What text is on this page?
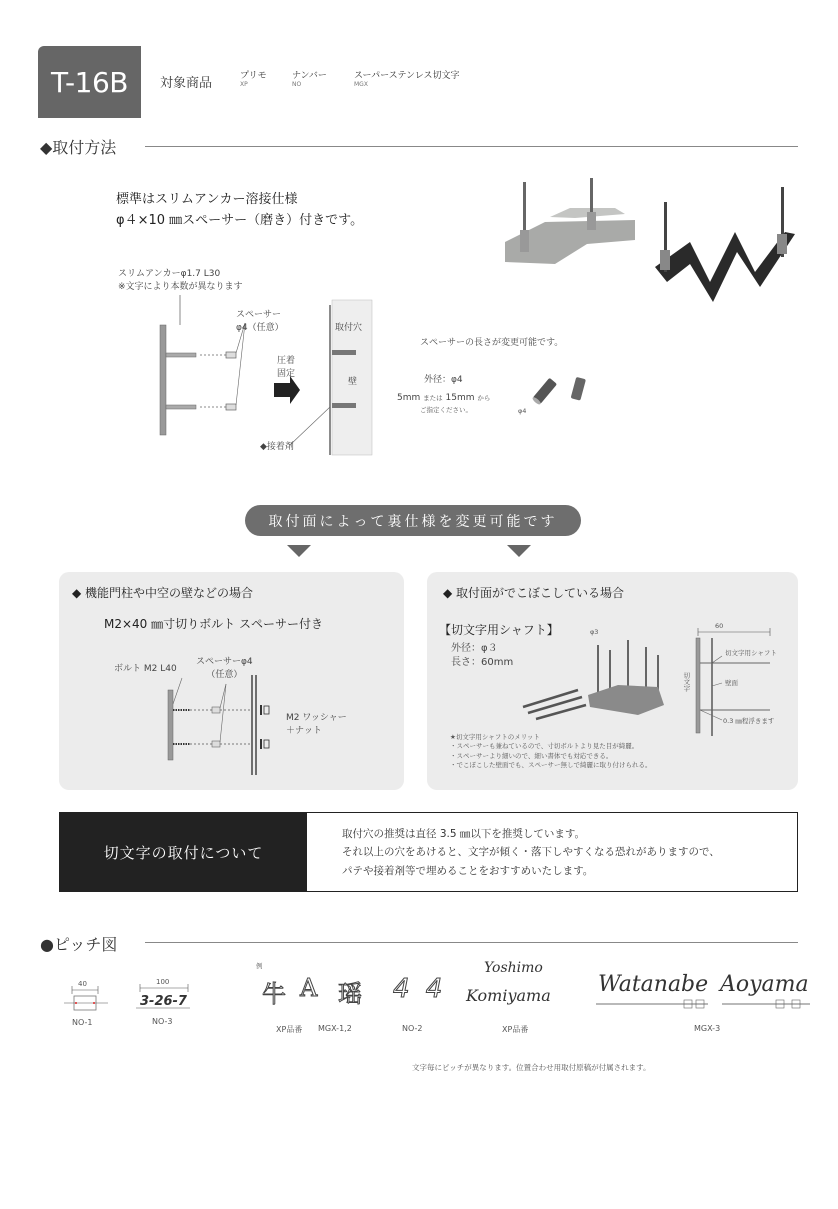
T-16B	対象商品	プリモ
XP
ナンバー
NO
スーパーステンレス切文字
MGX
◆取付方法
標準はスリムアンカー溶接仕様
φ４×10 ㎜スペーサー（磨き）付きです。
スリムアンカーφ1.7 L30
※文字により本数が異なります
スペーサー
φ4（任意）
圧着
固定
取付穴
壁
◆接着剤
スペーサーの長さが変更可能です。
外径：φ4
5mm または 15mm から
ご指定ください。	φ4
取付面によって裏仕様を変更可能です
◆ 機能門柱や中空の壁などの場合
M2×40 ㎜寸切りボルト スペーサー付き
ボルト M2 L40
スペーサーφ4
（任意）
M2 ワッシャー
＋ナット
◆ 取付面がでこぼこしている場合
【切文字用シャフト】
外径：φ３
長さ：60mm
φ3
60
切文字用シャフト
壁面
切文字
0.3 ㎜程浮きます
★切文字用シャフトのメリット
・スペーサーも兼ねているので、寸切ボルトより見た目が綺麗。
・スペーサーより細いので、細い書体でも対応できる。
・でこぼこした壁面でも、スペーサー無しで綺麗に取り付けられる。
切文字の取付について
取付穴の推奨は直径 3.5 ㎜以下を推奨しています。
それ以上の穴をあけると、文字が傾く・落下しやすくなる恐れがありますので、
パテや接着剤等で埋めることをおすすめいたします。
●ピッチ図
40
NO-1
100
3-26-7
NO-3
例
牛 A 瑶
XP品番 MGX-1,2
4 4
NO-2
Yoshimo
Komiyama
XP品番
Watanabe Aoyama
MGX-3
文字毎にピッチが異なります。位置合わせ用取付原稿が付属されます。
